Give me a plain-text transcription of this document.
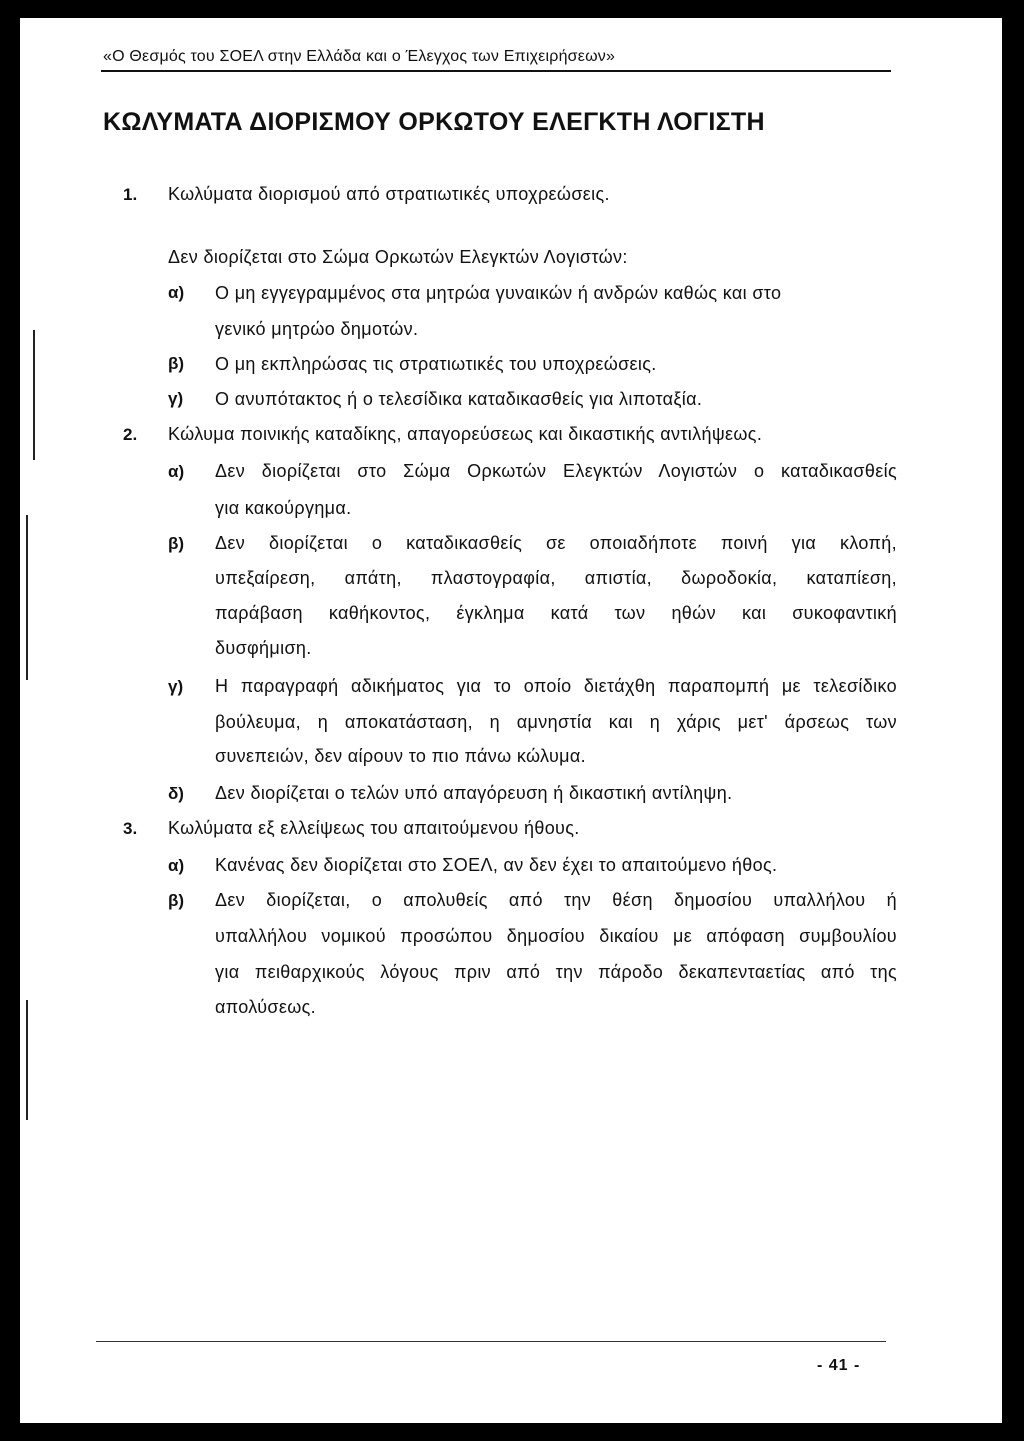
«Ο Θεσμός του ΣΟΕΛ στην Ελλάδα και ο Έλεγχος των Επιχειρήσεων»
ΚΩΛΥΜΑΤΑ ΔΙΟΡΙΣΜΟΥ ΟΡΚΩΤΟΥ ΕΛΕΓΚΤΗ ΛΟΓΙΣΤΗ
1. Κωλύματα διορισμού από στρατιωτικές υποχρεώσεις.
Δεν διορίζεται στο Σώμα Ορκωτών Ελεγκτών Λογιστών:
α) Ο μη εγγεγραμμένος στα μητρώα γυναικών ή ανδρών καθώς και στο
γενικό μητρώο δημοτών.
β) Ο μη εκπληρώσας τις στρατιωτικές του υποχρεώσεις.
γ) Ο ανυπότακτος ή ο τελεσίδικα καταδικασθείς για λιποταξία.
2. Κώλυμα ποινικής καταδίκης, απαγορεύσεως και δικαστικής αντιλήψεως.
α) Δεν διορίζεται στο Σώμα Ορκωτών Ελεγκτών Λογιστών ο καταδικασθείς
για κακούργημα.
β) Δεν διορίζεται ο καταδικασθείς σε οποιαδήποτε ποινή για κλοπή,
υπεξαίρεση, απάτη, πλαστογραφία, απιστία, δωροδοκία, καταπίεση,
παράβαση καθήκοντος, έγκλημα κατά των ηθών και συκοφαντική
δυσφήμιση.
γ) Η παραγραφή αδικήματος για το οποίο διετάχθη παραπομπή με τελεσίδικο
βούλευμα, η αποκατάσταση, η αμνηστία και η χάρις μετ' άρσεως των
συνεπειών, δεν αίρουν το πιο πάνω κώλυμα.
δ) Δεν διορίζεται ο τελών υπό απαγόρευση ή δικαστική αντίληψη.
3. Κωλύματα εξ ελλείψεως του απαιτούμενου ήθους.
α) Κανένας δεν διορίζεται στο ΣΟΕΛ, αν δεν έχει το απαιτούμενο ήθος.
β) Δεν διορίζεται, ο απολυθείς από την θέση δημοσίου υπαλλήλου ή
υπαλλήλου νομικού προσώπου δημοσίου δικαίου με απόφαση συμβουλίου
για πειθαρχικούς λόγους πριν από την πάροδο δεκαπενταετίας από της
απολύσεως.
- 41 -
